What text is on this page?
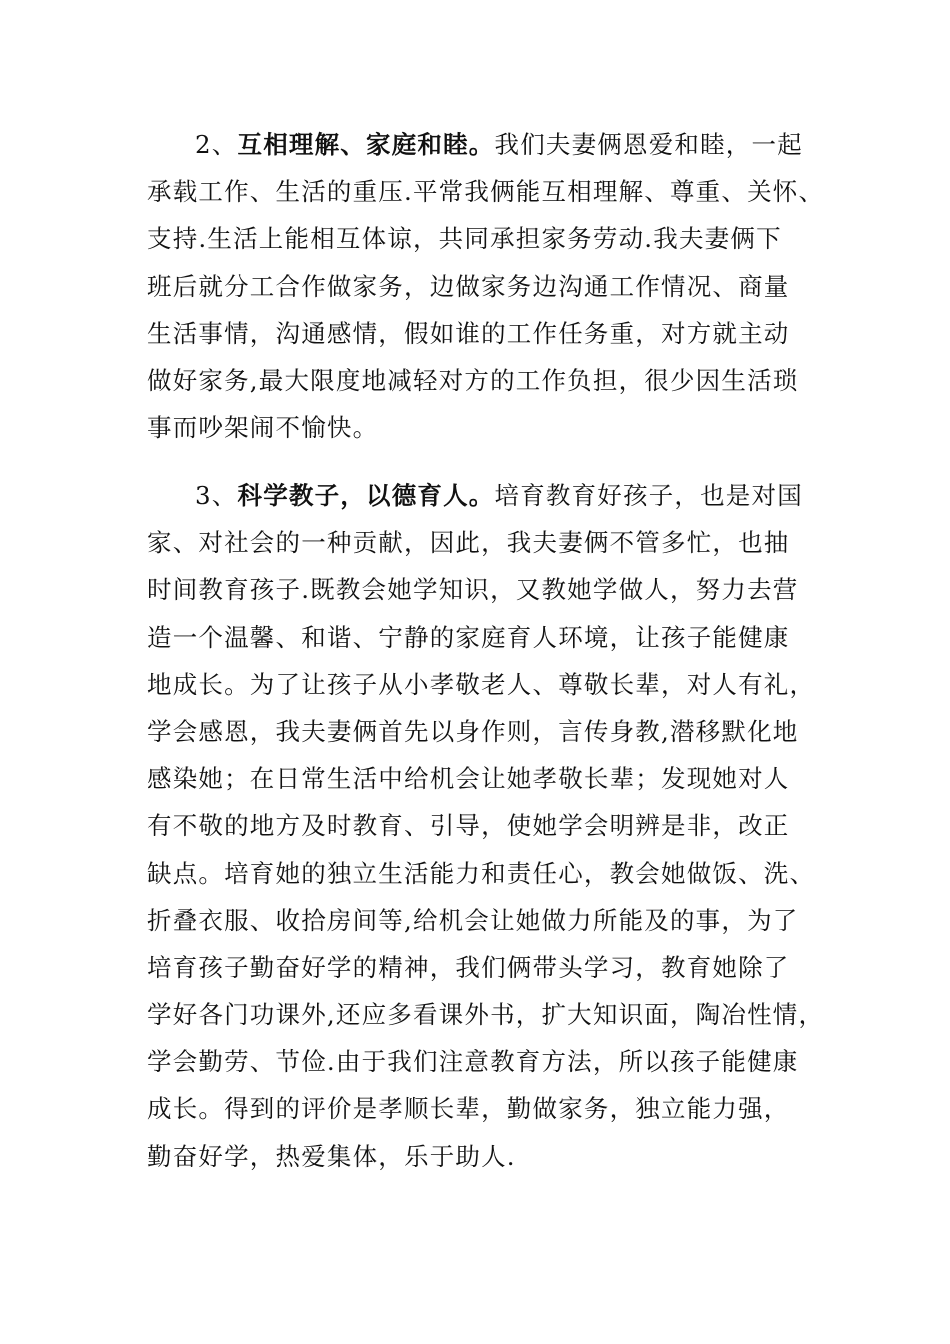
2、互相理解、家庭和睦。我们夫妻俩恩爱和睦，一起
承载工作、生活的重压.平常我俩能互相理解、尊重、关怀、
支持.生活上能相互体谅，共同承担家务劳动.我夫妻俩下
班后就分工合作做家务，边做家务边沟通工作情况、商量
生活事情，沟通感情，假如谁的工作任务重，对方就主动
做好家务,最大限度地减轻对方的工作负担，很少因生活琐
事而吵架闹不愉快。
3、科学教子，以德育人。培育教育好孩子，也是对国
家、对社会的一种贡献，因此，我夫妻俩不管多忙，也抽
时间教育孩子.既教会她学知识，又教她学做人，努力去营
造一个温馨、和谐、宁静的家庭育人环境，让孩子能健康
地成长。为了让孩子从小孝敬老人、尊敬长辈，对人有礼，
学会感恩，我夫妻俩首先以身作则，言传身教,潜移默化地
感染她；在日常生活中给机会让她孝敬长辈；发现她对人
有不敬的地方及时教育、引导，使她学会明辨是非，改正
缺点。培育她的独立生活能力和责任心，教会她做饭、洗、
折叠衣服、收拾房间等,给机会让她做力所能及的事，为了
培育孩子勤奋好学的精神，我们俩带头学习，教育她除了
学好各门功课外,还应多看课外书，扩大知识面，陶冶性情，
学会勤劳、节俭.由于我们注意教育方法，所以孩子能健康
成长。得到的评价是孝顺长辈，勤做家务，独立能力强，
勤奋好学，热爱集体，乐于助人.
